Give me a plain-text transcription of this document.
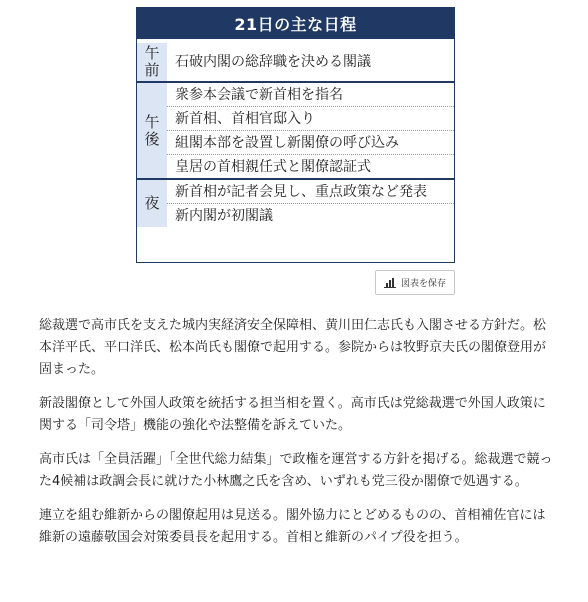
21日の主な日程
午前	石破内閣の総辞職を決める閣議
午後
衆参本会議で新首相を指名
新首相、首相官邸入り
組閣本部を設置し新閣僚の呼び込み
皇居の首相親任式と閣僚認証式
夜
新首相が記者会見し、重点政策など発表
新内閣が初閣議
図表を保存

総裁選で高市氏を支えた城内実経済安全保障相、黄川田仁志氏も入閣させる方針だ。松本洋平氏、平口洋氏、松本尚氏も閣僚で起用する。参院からは牧野京夫氏の閣僚登用が固まった。

新設閣僚として外国人政策を統括する担当相を置く。高市氏は党総裁選で外国人政策に関する「司令塔」機能の強化や法整備を訴えていた。

高市氏は「全員活躍」「全世代総力結集」で政権を運営する方針を掲げる。総裁選で競った4候補は政調会長に就けた小林鷹之氏を含め、いずれも党三役か閣僚で処遇する。

連立を組む維新からの閣僚起用は見送る。閣外協力にとどめるものの、首相補佐官には維新の遠藤敬国会対策委員長を起用する。首相と維新のパイプ役を担う。
